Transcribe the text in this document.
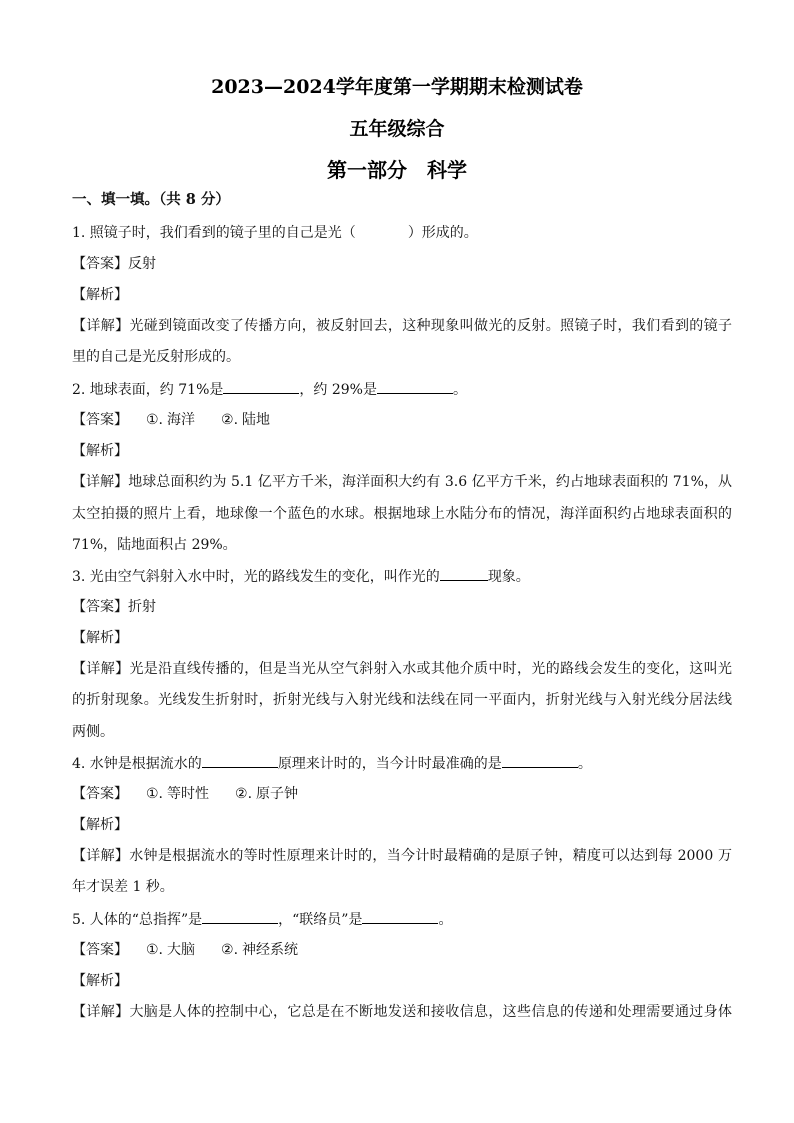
2023—2024学年度第一学期期末检测试卷
五年级综合
第一部分　科学
一、填一填。（共 8 分）
1. 照镜子时，我们看到的镜子里的自己是光（	）形成的。
【答案】反射
【解析】
【详解】光碰到镜面改变了传播方向，被反射回去，这种现象叫做光的反射。照镜子时，我们看到的镜子
里的自己是光反射形成的。
2. 地球表面，约 71%是	，约 29%是	。
【答案】 ①. 海洋 ②. 陆地
【解析】
【详解】地球总面积约为 5.1 亿平方千米，海洋面积大约有 3.6 亿平方千米，约占地球表面积的 71%，从
太空拍摄的照片上看，地球像一个蓝色的水球。根据地球上水陆分布的情况，海洋面积约占地球表面积的
71%，陆地面积占 29%。
3. 光由空气斜射入水中时，光的路线发生的变化，叫作光的	现象。
【答案】折射
【解析】
【详解】光是沿直线传播的，但是当光从空气斜射入水或其他介质中时，光的路线会发生的变化，这叫光
的折射现象。光线发生折射时，折射光线与入射光线和法线在同一平面内，折射光线与入射光线分居法线
两侧。
4. 水钟是根据流水的	原理来计时的，当今计时最准确的是	。
【答案】 ①. 等时性 ②. 原子钟
【解析】
【详解】水钟是根据流水的等时性原理来计时的，当今计时最精确的是原子钟，精度可以达到每 2000 万
年才误差 1 秒。
5. 人体的“总指挥”是	，“联络员”是	。
【答案】 ①. 大脑 ②. 神经系统
【解析】
【详解】大脑是人体的控制中心，它总是在不断地发送和接收信息，这些信息的传递和处理需要通过身体
